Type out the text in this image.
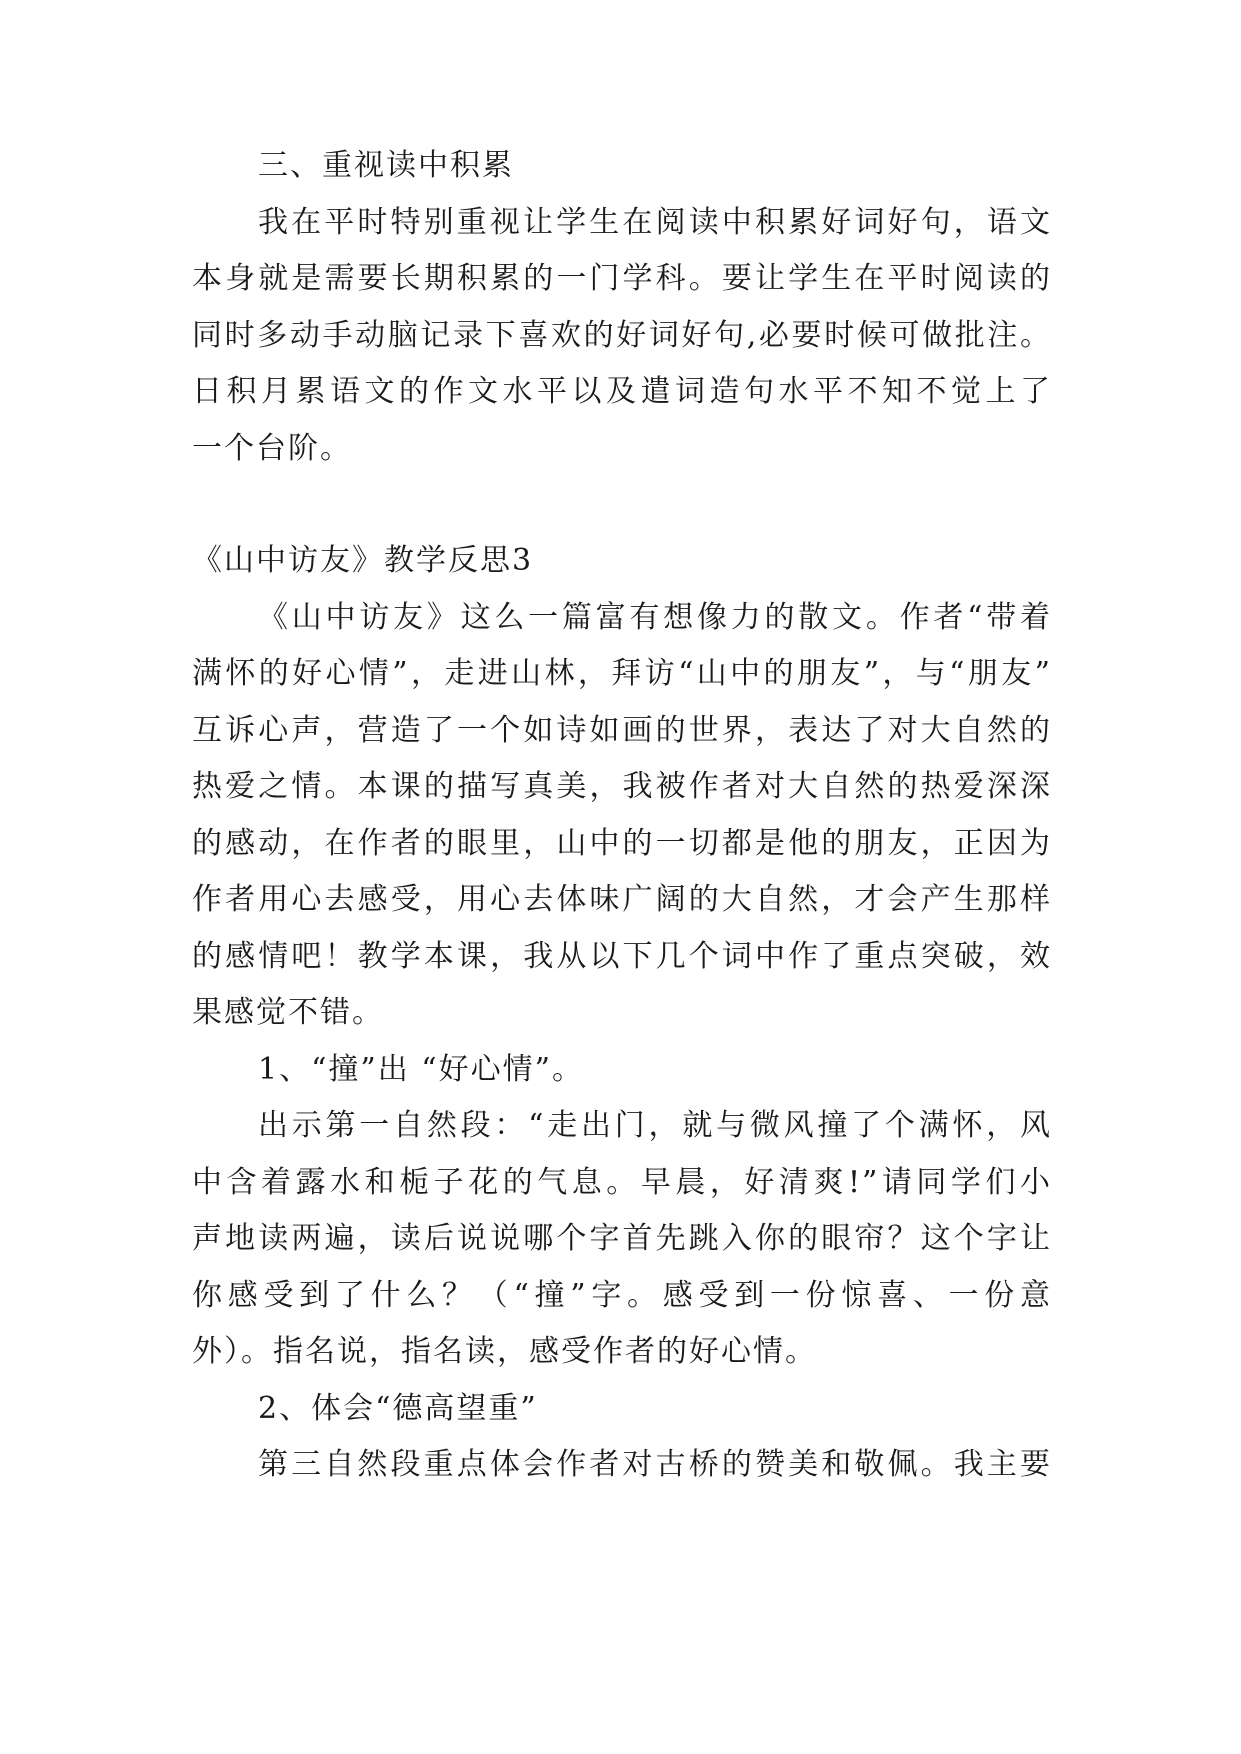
三、重视读中积累
我在平时特别重视让学生在阅读中积累好词好句，语文
本身就是需要长期积累的一门学科。要让学生在平时阅读的
同时多动手动脑记录下喜欢的好词好句,必要时候可做批注。
日积月累语文的作文水平以及遣词造句水平不知不觉上了
一个台阶。
《山中访友》教学反思3
《山中访友》这么一篇富有想像力的散文。作者“带着
满怀的好心情”，走进山林，拜访“山中的朋友”，与“朋友”
互诉心声，营造了一个如诗如画的世界，表达了对大自然的
热爱之情。本课的描写真美，我被作者对大自然的热爱深深
的感动，在作者的眼里，山中的一切都是他的朋友，正因为
作者用心去感受，用心去体味广阔的大自然，才会产生那样
的感情吧！教学本课，我从以下几个词中作了重点突破，效
果感觉不错。
1、“撞”出 “好心情”。
出示第一自然段：“走出门，就与微风撞了个满怀，风
中含着露水和栀子花的气息。早晨，好清爽!”请同学们小
声地读两遍，读后说说哪个字首先跳入你的眼帘？这个字让
你感受到了什么？（“撞”字。感受到一份惊喜、一份意
外）。指名说，指名读，感受作者的好心情。
2、体会“德高望重”
第三自然段重点体会作者对古桥的赞美和敬佩。我主要
